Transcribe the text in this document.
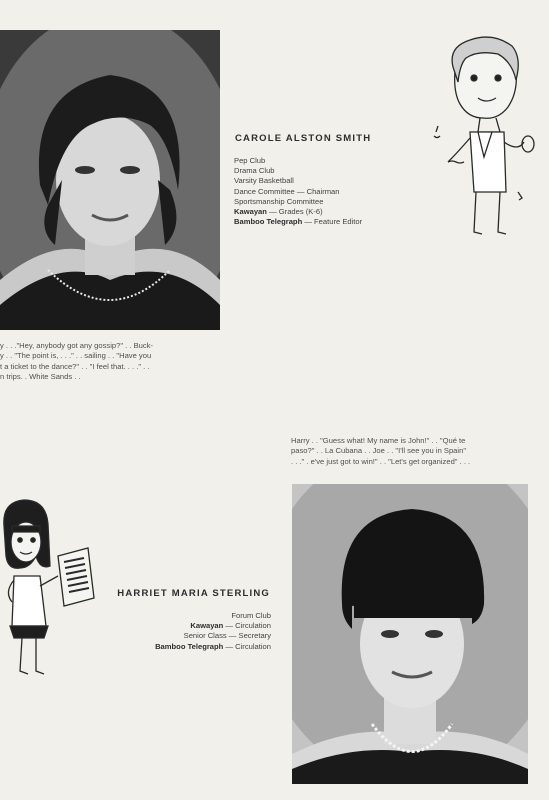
CAROLE ALSTON SMITH
Pep Club
Drama Club
Varsity Basketball
Dance Committee — Chairman
Sportsmanship Committee
Kawayan — Grades (K-6)
Bamboo Telegraph — Feature Editor
y . . ."Hey, anybody got any gossip?" . . Buck-
y . . "The point is, . . ." . . sailing . . "Have you
t a ticket to the dance?" . . "I feel that. . . ." . .
n trips. . White Sands . .
Harry . . "Guess what! My name is John!" . . "Qué te
paso?" . . La Cubana . . Joe . . "I'll see you in Spain"
. . ." . e've just got to win!" . . "Let's get organized" . . .
HARRIET MARIA STERLING
Forum Club
Kawayan — Circulation
Senior Class — Secretary
Bamboo Telegraph — Circulation
